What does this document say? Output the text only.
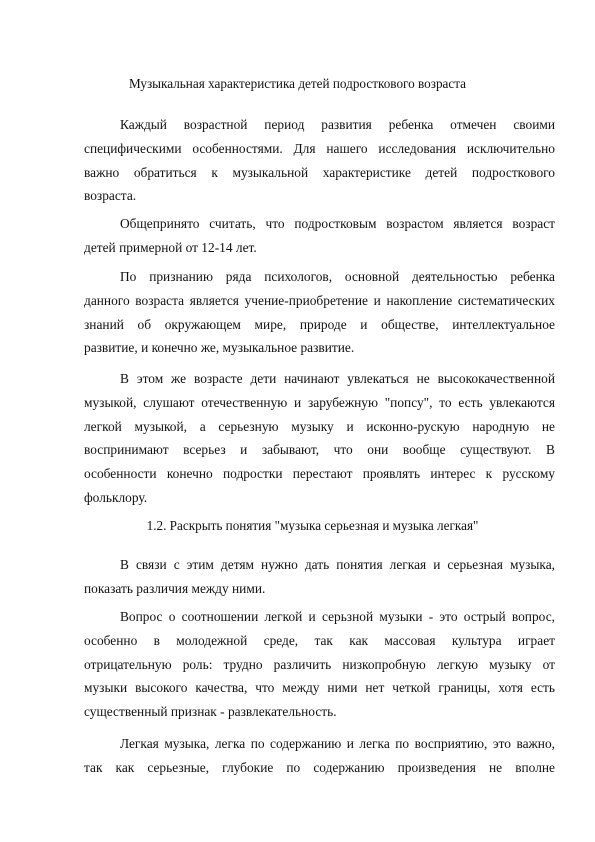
Музыкальная характеристика детей подросткового возраста
Каждый возрастной период развития ребенка отмечен своими
специфическими особенностями. Для нашего исследования исключительно
важно обратиться к музыкальной характеристике детей подросткового
возраста.
Общепринято считать, что подростковым возрастом является возраст
детей примерной от 12-14 лет.
По признанию ряда психологов, основной деятельностью ребенка
данного возраста является учение-приобретение и накопление систематических
знаний об окружающем мире, природе и обществе, интеллектуальное
развитие, и конечно же, музыкальное развитие.
В этом же возрасте дети начинают увлекаться не высококачественной
музыкой, слушают отечественную и зарубежную "попсу", то есть увлекаются
легкой музыкой, а серьезную музыку и исконно-рускую народную не
воспринимают всерьез и забывают, что они вообще существуют. В
особенности конечно подростки перестают проявлять интерес к русскому
фольклору.
1.2. Раскрыть понятия "музыка серьезная и музыка легкая"
В связи с этим детям нужно дать понятия легкая и серьезная музыка,
показать различия между ними.
Вопрос о соотношении легкой и серьзной музыки - это острый вопрос,
особенно в молодежной среде, так как массовая культура играет
отрицательную роль: трудно различить низкопробную легкую музыку от
музыки высокого качества, что между ними нет четкой границы, хотя есть
существенный признак - развлекательность.
Легкая музыка, легка по содержанию и легка по восприятию, это важно,
так как серьезные, глубокие по содержанию произведения не вполне
